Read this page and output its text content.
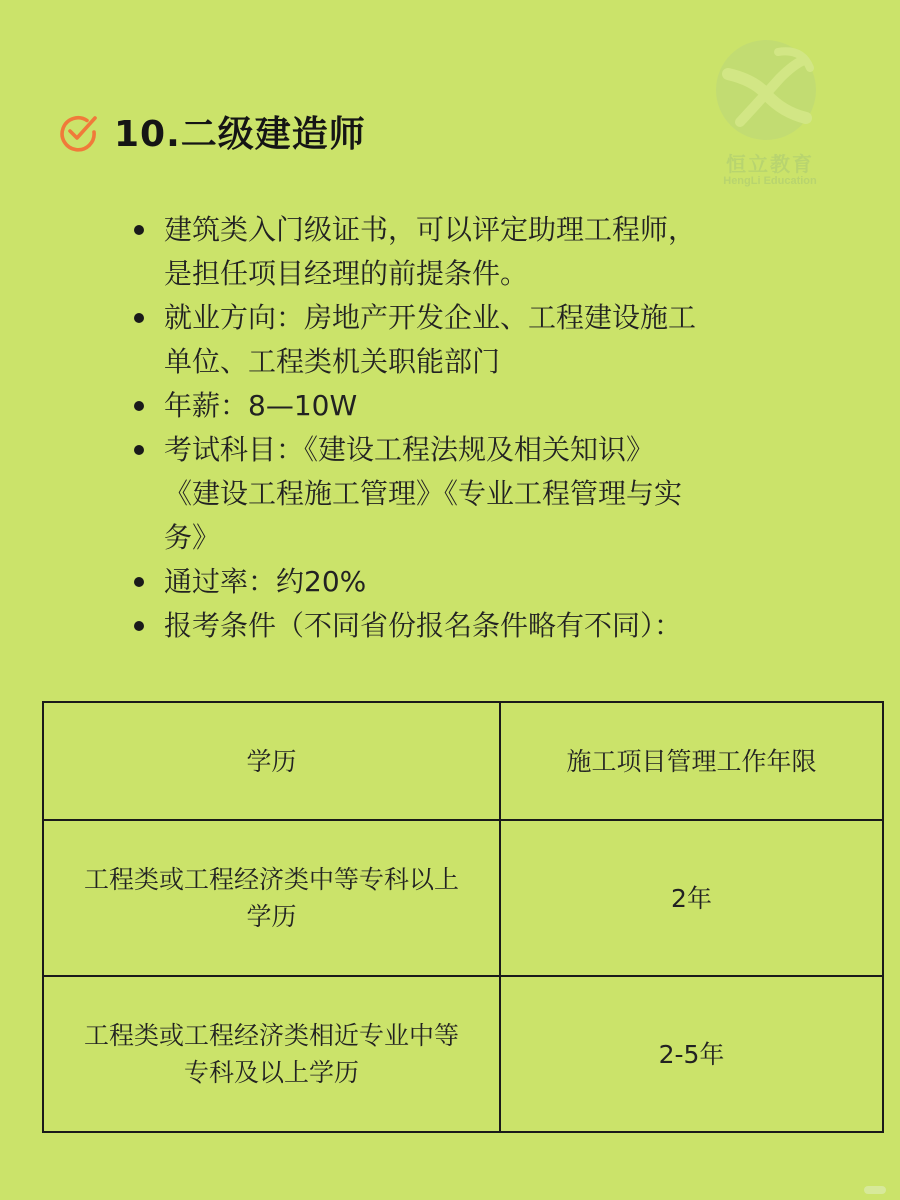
10.二级建造师
恒立教育
HengLi Education
建筑类入门级证书，可以评定助理工程师，
是担任项目经理的前提条件。
就业方向：房地产开发企业、工程建设施工
单位、工程类机关职能部门
年薪：8—10W
考试科目：《建设工程法规及相关知识》
《建设工程施工管理》《专业工程管理与实
务》
通过率：约20%
报考条件（不同省份报名条件略有不同）：
学历	施工项目管理工作年限
工程类或工程经济类中等专科以上
学历	2年
工程类或工程经济类相近专业中等
专科及以上学历	2-5年
